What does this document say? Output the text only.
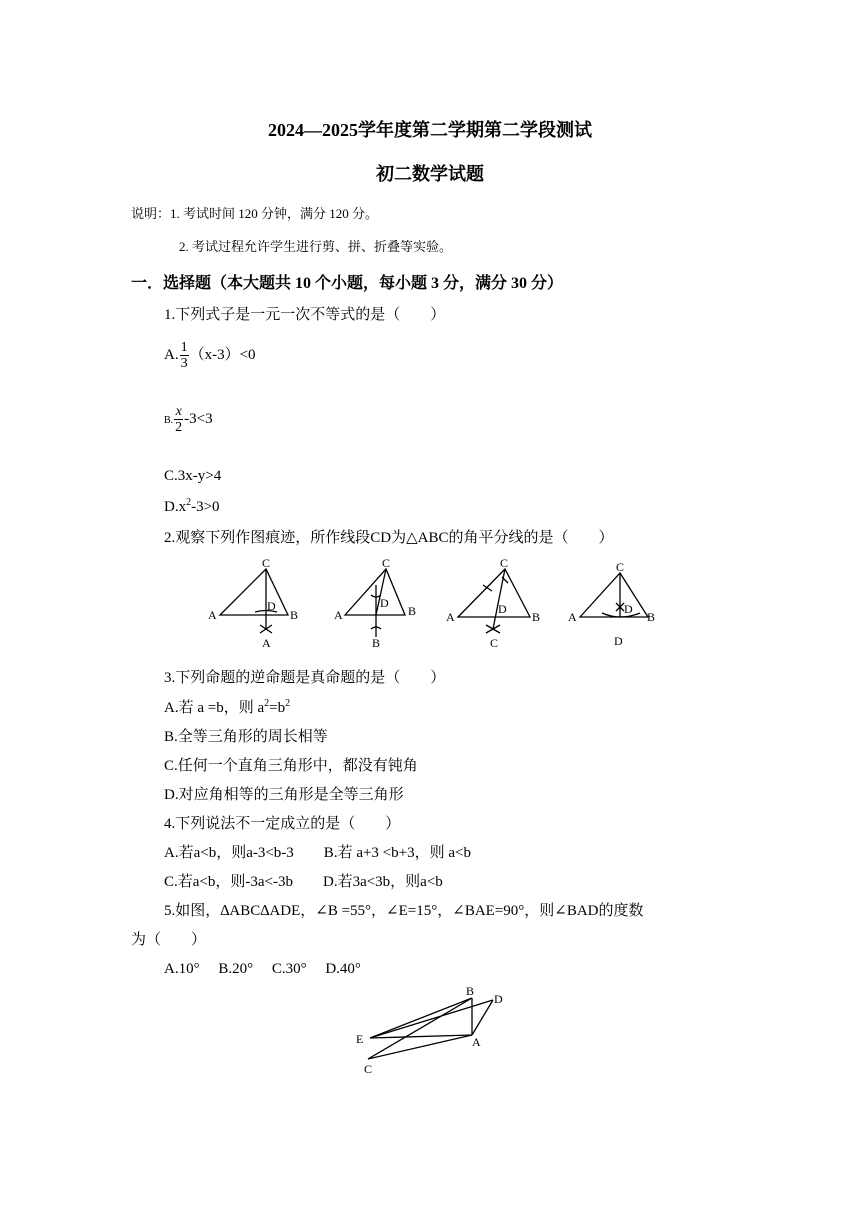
2024—2025学年度第二学期第二学段测试
初二数学试题
说明：1. 考试时间 120 分钟，满分 120 分。
2. 考试过程允许学生进行剪、拼、折叠等实验。
一．选择题（本大题共 10 个小题，每小题 3 分，满分 30 分）
1.下列式子是一元一次不等式的是（　　）
A. $\frac{1}{3} (x-3)<0$
B. $\frac{x}{2} -3<3$
C.3x-y>4
$D.x^2-3>0$
2.观察下列作图痕迹，所作线段CD为△ABC的角平分线的是（　　）
C
A	B
D
A
C
A	B
D
B
C
A	B
D
C
C
A	B
D
D
3.下列命题的逆命题是真命题的是（　　）
A.若 a =b，则 $a^2=b^2$
B.全等三角形的周长相等
C.任何一个直角三角形中，都没有钝角
D.对应角相等的三角形是全等三角形
4.下列说法不一定成立的是（　　）
A.若a<b，则a-3<b-3　　B.若 a+3 <b+3，则 a<b
C.若a<b，则-3a<-3b　　D.若3a<3b，则a<b
5.如图，∆ABC∆ADE，∠B =55°，∠E=15°，∠BAE=90°，则∠BAD的度数
为（　　）
A.10°　 B.20°　 C.30°　 D.40°
B
D
E	A
C
